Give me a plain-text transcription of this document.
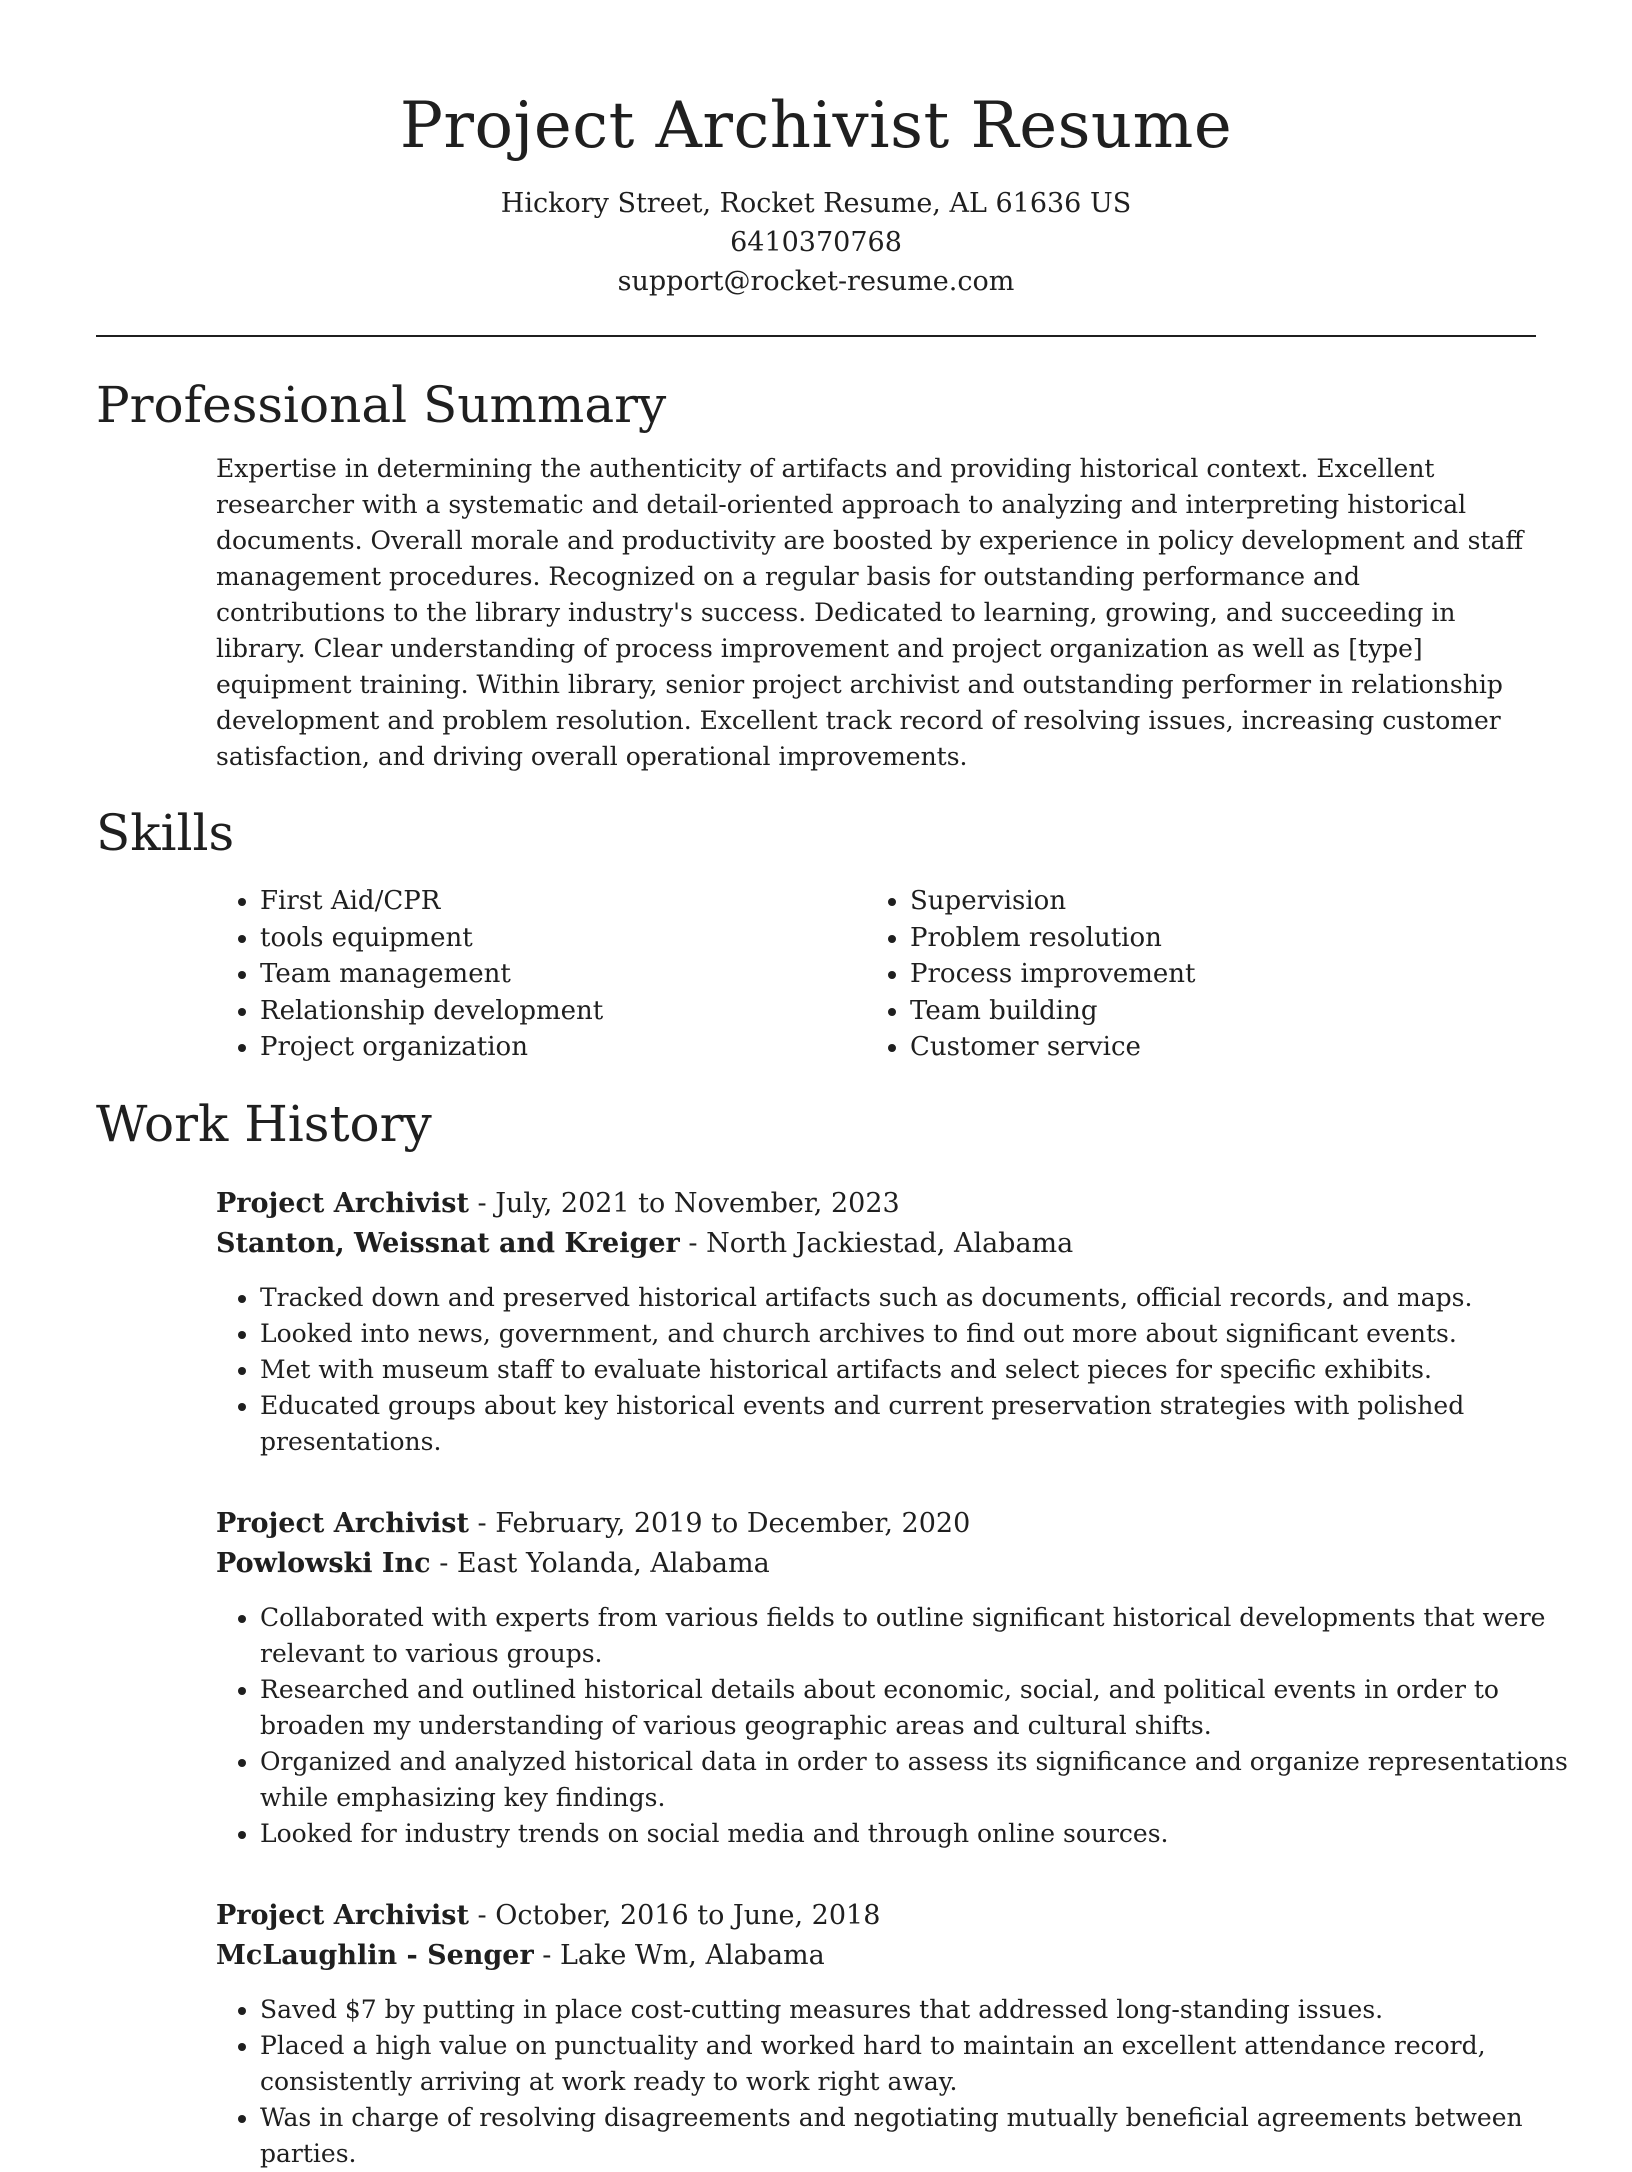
Project Archivist Resume
Hickory Street, Rocket Resume, AL 61636 US
6410370768
support@rocket-resume.com
Professional Summary
Expertise in determining the authenticity of artifacts and providing historical context. Excellent researcher with a systematic and detail-oriented approach to analyzing and interpreting historical documents. Overall morale and productivity are boosted by experience in policy development and staff management procedures. Recognized on a regular basis for outstanding performance and contributions to the library industry's success. Dedicated to learning, growing, and succeeding in library. Clear understanding of process improvement and project organization as well as [type] equipment training. Within library, senior project archivist and outstanding performer in relationship development and problem resolution. Excellent track record of resolving issues, increasing customer satisfaction, and driving overall operational improvements.
Skills
• First Aid/CPR
• tools equipment
• Team management
• Relationship development
• Project organization
• Supervision
• Problem resolution
• Process improvement
• Team building
• Customer service
Work History
Project Archivist - July, 2021 to November, 2023
Stanton, Weissnat and Kreiger - North Jackiestad, Alabama
• Tracked down and preserved historical artifacts such as documents, official records, and maps.
• Looked into news, government, and church archives to find out more about significant events.
• Met with museum staff to evaluate historical artifacts and select pieces for specific exhibits.
• Educated groups about key historical events and current preservation strategies with polished presentations.
Project Archivist - February, 2019 to December, 2020
Powlowski Inc - East Yolanda, Alabama
• Collaborated with experts from various fields to outline significant historical developments that were relevant to various groups.
• Researched and outlined historical details about economic, social, and political events in order to broaden my understanding of various geographic areas and cultural shifts.
• Organized and analyzed historical data in order to assess its significance and organize representations while emphasizing key findings.
• Looked for industry trends on social media and through online sources.
Project Archivist - October, 2016 to June, 2018
McLaughlin - Senger - Lake Wm, Alabama
• Saved $7 by putting in place cost-cutting measures that addressed long-standing issues.
• Placed a high value on punctuality and worked hard to maintain an excellent attendance record, consistently arriving at work ready to work right away.
• Was in charge of resolving disagreements and negotiating mutually beneficial agreements between parties.
